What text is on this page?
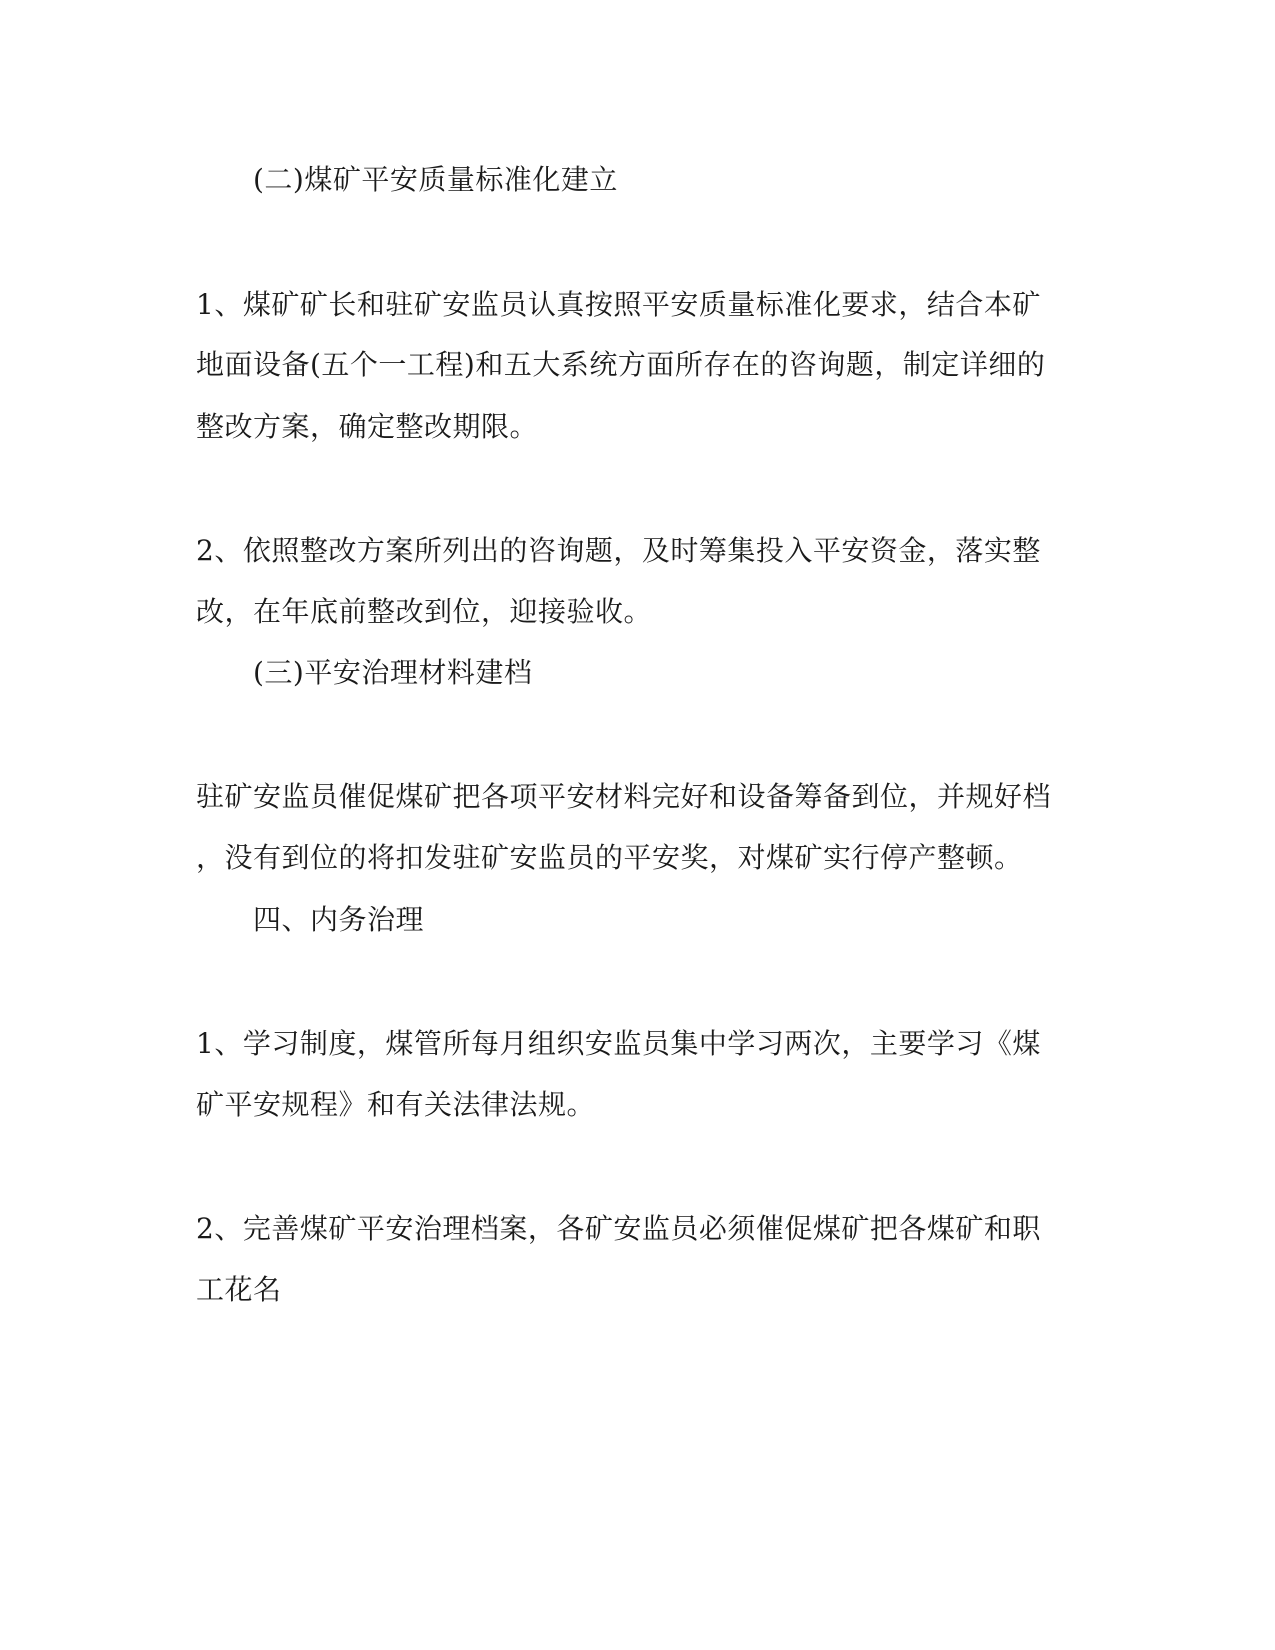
(二)煤矿平安质量标准化建立
1、煤矿矿长和驻矿安监员认真按照平安质量标准化要求，结合本矿
地面设备(五个一工程)和五大系统方面所存在的咨询题，制定详细的
整改方案，确定整改期限。
2、依照整改方案所列出的咨询题，及时筹集投入平安资金，落实整
改，在年底前整改到位，迎接验收。
(三)平安治理材料建档
驻矿安监员催促煤矿把各项平安材料完好和设备筹备到位，并规好档
，没有到位的将扣发驻矿安监员的平安奖，对煤矿实行停产整顿。
四、内务治理
1、学习制度，煤管所每月组织安监员集中学习两次，主要学习《煤
矿平安规程》和有关法律法规。
2、完善煤矿平安治理档案，各矿安监员必须催促煤矿把各煤矿和职
工花名
